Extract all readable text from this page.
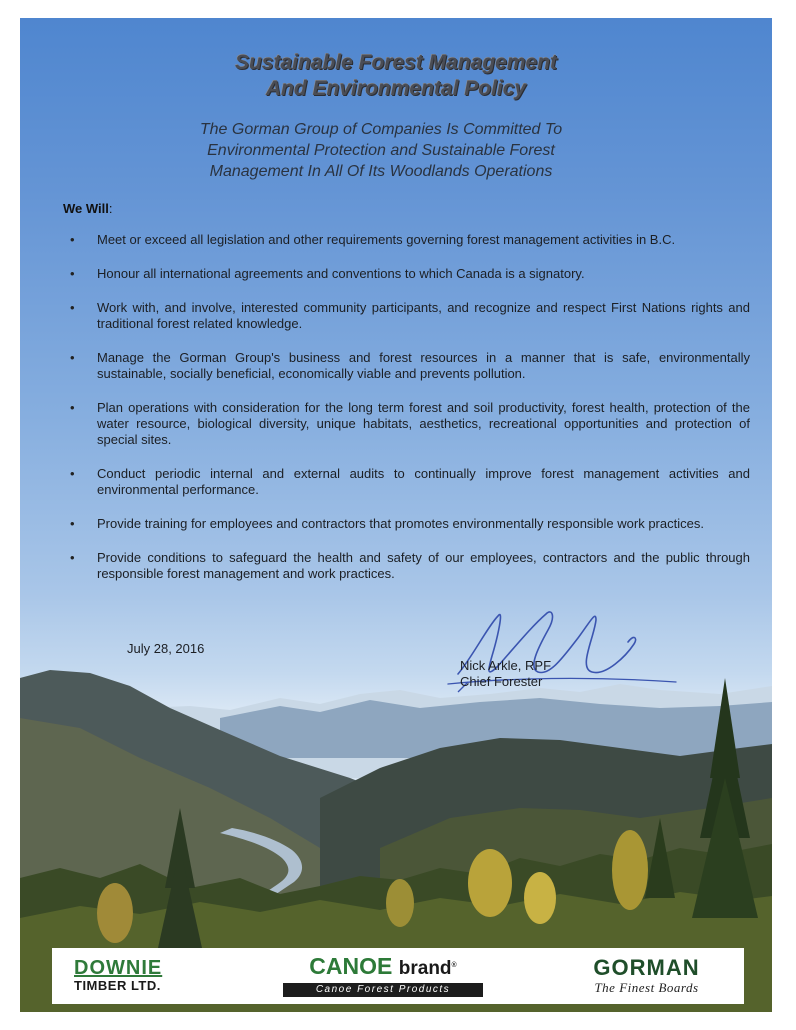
Sustainable Forest Management
And Environmental Policy
The Gorman Group of Companies Is Committed To
Environmental Protection and Sustainable Forest
Management In All Of Its Woodlands Operations
We Will:
• Meet or exceed all legislation and other requirements governing forest management activities in B.C.
• Honour all international agreements and conventions to which Canada is a signatory.
• Work with, and involve, interested community participants, and recognize and respect First Nations rights and traditional forest related knowledge.
• Manage the Gorman Group's business and forest resources in a manner that is safe, environmentally sustainable, socially beneficial, economically viable and prevents pollution.
• Plan operations with consideration for the long term forest and soil productivity, forest health, protection of the water resource, biological diversity, unique habitats, aesthetics, recreational opportunities and protection of special sites.
• Conduct periodic internal and external audits to continually improve forest management activities and environmental performance.
• Provide training for employees and contractors that promotes environmentally responsible work practices.
• Provide conditions to safeguard the health and safety of our employees, contractors and the public through responsible forest management and work practices.
July 28, 2016
Nick Arkle, RPF
Chief Forester
DOWNIE
TIMBER LTD.
CANOE brand®
Canoe Forest Products
GORMAN
The Finest Boards
